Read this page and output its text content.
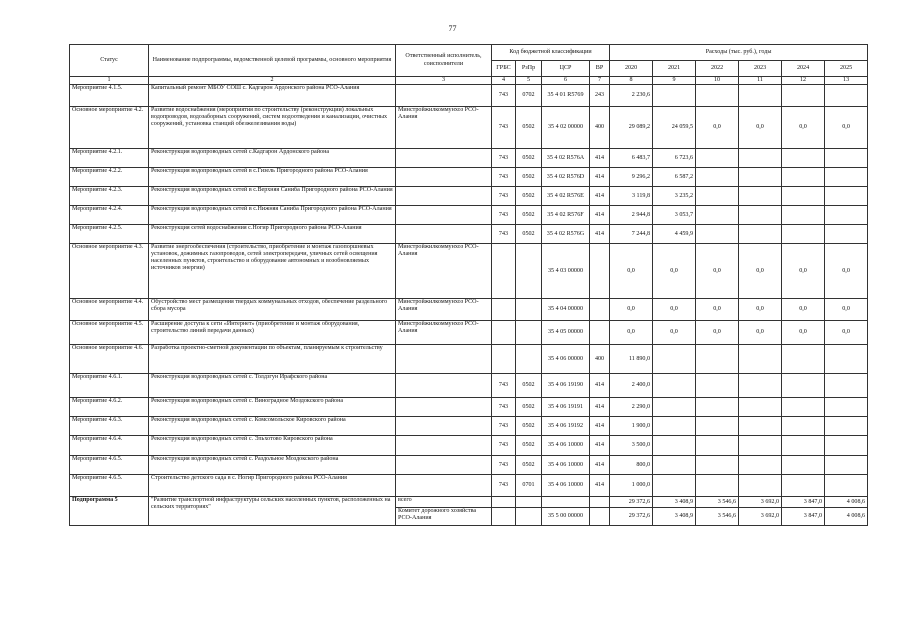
77
Статус	Наименование подпрограммы, ведомственной целевой программы, основного мероприятия	Ответственный исполнитель, соисполнители	Код бюджетной классификации				Расходы (тыс. руб.), годы					
			ГРБС	РзПр	ЦСР	ВР	2020	2021	2022	2023	2024	2025
1	2	3	4	5	6	7	8	9	10	11	12	13
Мероприятие 4.1.5.	Капитальный ремонт МБОУ СОШ с. Кадгарон Ардонского района РСО-Алания		743	0702	35 4 01 R5769	243	2 230,6					
Основное мероприятие 4.2.	Развитие водоснабжения (мероприятия по строительству (реконструкции) локальных водопроводов, водозаборных сооружений, систем водоотведения и канализации, очистных сооружений, установка станций обезжелезивания воды)	Минстройжилкоммунхоз РСО-Алания	743	0502	35 4 02 00000	400	29 089,2	24 059,5	0,0	0,0	0,0	0,0
Мероприятие 4.2.1.	Реконструкция водопроводных сетей с.Кадгарон Ардонского района		743	0502	35 4 02 R576A	414	6 483,7	6 723,6				
Мероприятие 4.2.2.	Реконструкция водопроводных сетей в с.Гизель Пригородного района РСО-Алания		743	0502	35 4 02 R576D	414	9 296,2	6 587,2				
Мероприятие 4.2.3.	Реконструкция водопроводных сетей в с.Верхняя Саниба Пригородного района РСО-Алания		743	0502	35 4 02 R576E	414	3 119,8	3 235,2				
Мероприятие 4.2.4.	Реконструкция водопроводных сетей в с.Нижняя Саниба Пригородного района РСО-Алания		743	0502	35 4 02 R576F	414	2 944,8	3 053,7				
Мероприятие 4.2.5.	Реконструкция сетей водоснабжения с.Ногир Пригородного района РСО-Алания		743	0502	35 4 02 R576G	414	7 244,8	4 459,9				
Основное мероприятие 4.3.	Развитие энергообеспечения (строительство, приобретение и монтаж газопоршневых установок, дожимных газопроводов, сетей электропередачи, уличных сетей освещения населенных пунктов, строительство и оборудование автономных и возобновляемых источников энергии)	Минстройжилкоммунхоз РСО-Алания			35 4 03 00000		0,0	0,0	0,0	0,0	0,0	0,0
Основное мероприятие 4.4.	Обустройство мест размещения твердых коммунальных отходов, обеспечение раздельного сбора мусора	Минстройжилкоммунхоз РСО-Алания			35 4 04 00000		0,0	0,0	0,0	0,0	0,0	0,0
Основное мероприятие 4.5.	Расширение доступа к сети «Интернет» (приобретение и монтаж оборудования, строительство линий передачи данных)	Минстройжилкоммунхоз РСО-Алания			35 4 05 00000		0,0	0,0	0,0	0,0	0,0	0,0
Основное мероприятие 4.6.	Разработка проектно-сметной документации по объектам, планируемым к строительству				35 4 06 00000	400	11 890,0					
Мероприятие 4.6.1.	Реконструкция водопроводных сетей с. Толдзгун Ирафского района		743	0502	35 4 06 19190	414	2 400,0					
Мероприятие 4.6.2.	Реконструкция водопроводных сетей с. Виноградное Моздокского района		743	0502	35 4 06 19191	414	2 290,0					
Мероприятие 4.6.3.	Реконструкция водопроводных сетей с. Комсомольское Кировского района		743	0502	35 4 06 19192	414	1 900,0					
Мероприятие 4.6.4.	Реконструкция водопроводных сетей с. Эльхотово Кировского района		743	0502	35 4 06 10000	414	3 500,0					
Мероприятие 4.6.5.	Реконструкция водопроводных сетей с. Раздольное Моздокского района		743	0502	35 4 06 10000	414	800,0					
Мероприятие 4.6.5.	Строительство детского сада в с. Ногир Пригородного района РСО-Алания		743	0701	35 4 06 10000	414	1 000,0					
Подпрограмма 5	"Развитие транспортной инфраструктуры сельских населенных пунктов, расположенных на сельских территориях"	всего					29 372,6	3 408,9	3 546,6	3 692,0	3 847,0	4 008,6
		Комитет дорожного хозяйства РСО-Алания			35 5 00 00000		29 372,6	3 408,9	3 546,6	3 692,0	3 847,0	4 008,6
